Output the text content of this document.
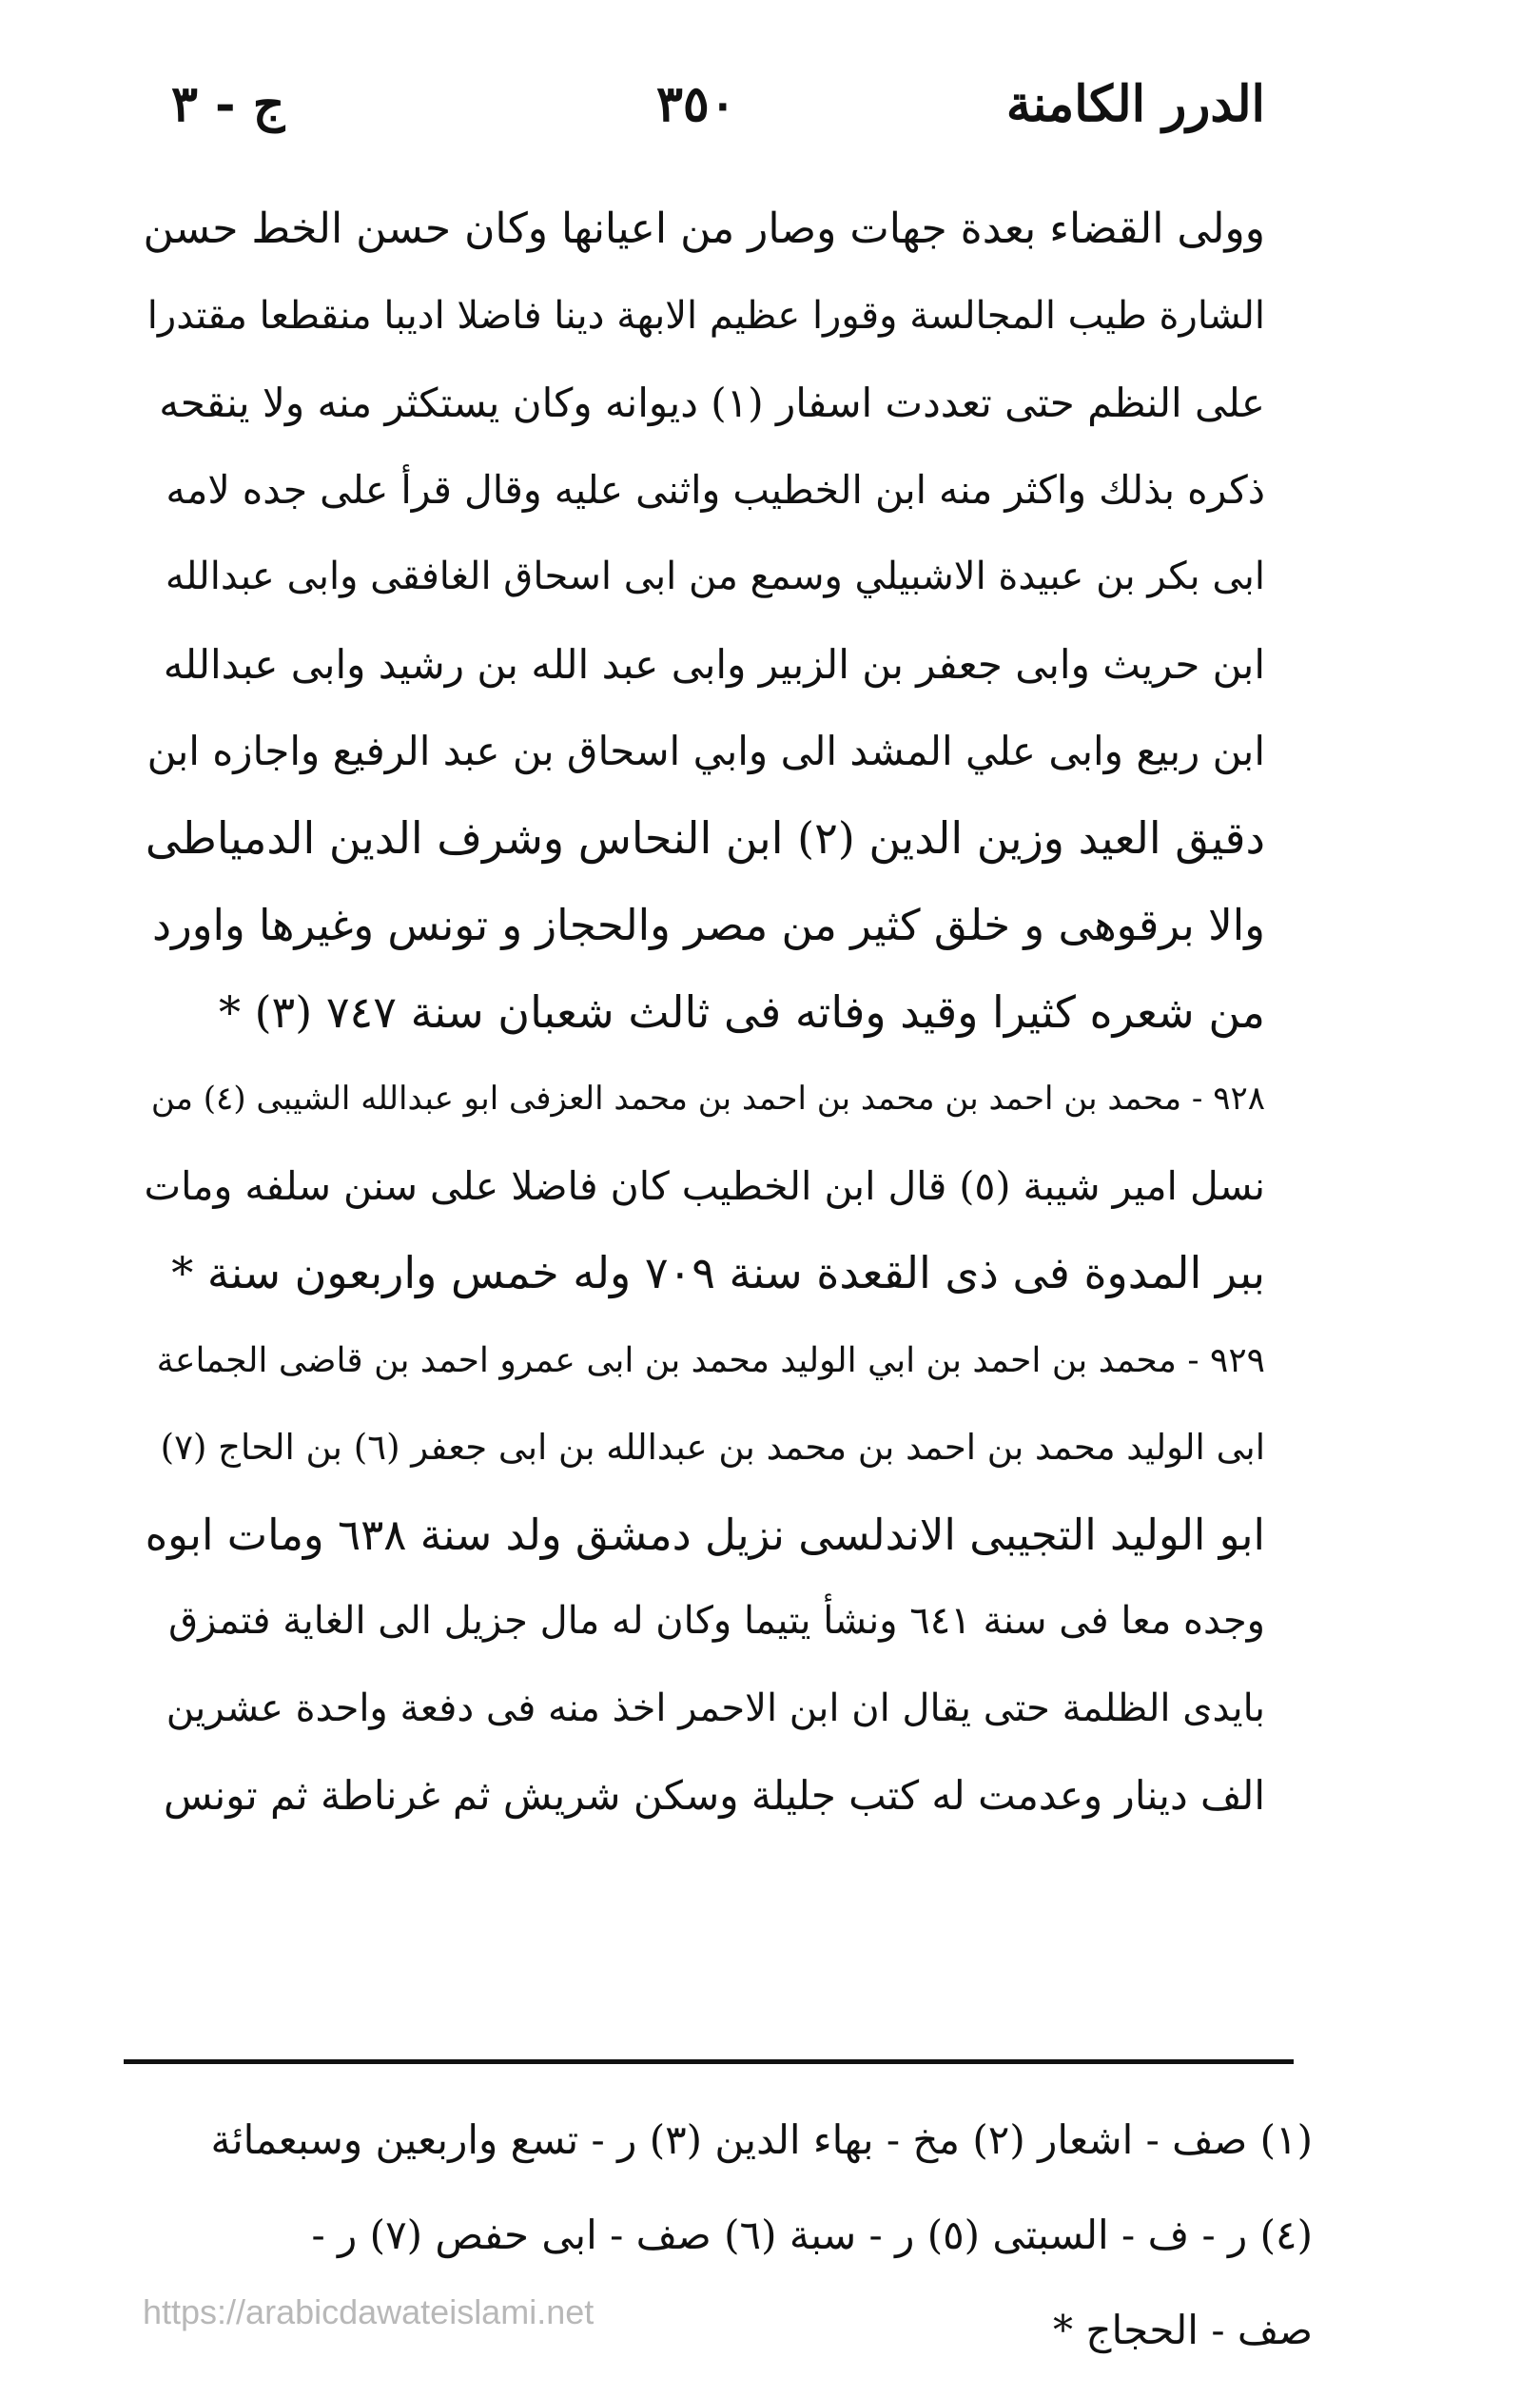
الدرر الكامنة
٣٥٠
ج - ٣
وولى القضاء بعدة جهات وصار من اعيانها وكان حسن الخط حسن
الشارة طيب المجالسة وقورا عظيم الابهة دينا فاضلا اديبا منقطعا مقتدرا
على النظم حتى تعددت اسفار (١) ديوانه وكان يستكثر منه ولا ينقحه
ذكره بذلك واكثر منه ابن الخطيب واثنى عليه وقال قرأ على جده لامه
ابى بكر بن عبيدة الاشبيلي وسمع من ابى اسحاق الغافقى وابى عبدالله
ابن حريث وابى جعفر بن الزبير وابى عبد الله بن رشيد وابى عبدالله
ابن ربيع وابى علي المشد الى وابي اسحاق بن عبد الرفيع واجازه ابن
دقيق العيد وزين الدين (٢) ابن النحاس وشرف الدين الدمياطى
والا برقوهى و خلق كثير من مصر والحجاز و تونس وغيرها واورد
من شعره كثيرا وقيد وفاته فى ثالث شعبان سنة ٧٤٧ (٣) *
٩٢٨ - محمد بن احمد بن محمد بن احمد بن محمد العزفى ابو عبدالله الشيبى (٤) من
نسل امير شيبة (٥) قال ابن الخطيب كان فاضلا على سنن سلفه ومات
ببر المدوة فى ذى القعدة سنة ٧٠٩ وله خمس واربعون سنة *
٩٢٩ - محمد بن احمد بن ابي الوليد محمد بن ابى عمرو احمد بن قاضى الجماعة
ابى الوليد محمد بن احمد بن محمد بن عبدالله بن ابى جعفر (٦) بن الحاج (٧)
ابو الوليد التجيبى الاندلسى نزيل دمشق ولد سنة ٦٣٨ ومات ابوه
وجده معا فى سنة ٦٤١ ونشأ يتيما وكان له مال جزيل الى الغاية فتمزق
بايدى الظلمة حتى يقال ان ابن الاحمر اخذ منه فى دفعة واحدة عشرين
الف دينار وعدمت له كتب جليلة وسكن شريش ثم غرناطة ثم تونس
(١) صف - اشعار (٢) مخ - بهاء الدين (٣) ر - تسع واربعين وسبعمائة
(٤) ر - ف - السبتى (٥) ر - سبة (٦) صف - ابى حفص (٧) ر -
صف - الحجاج *
https://arabicdawateislami.net
